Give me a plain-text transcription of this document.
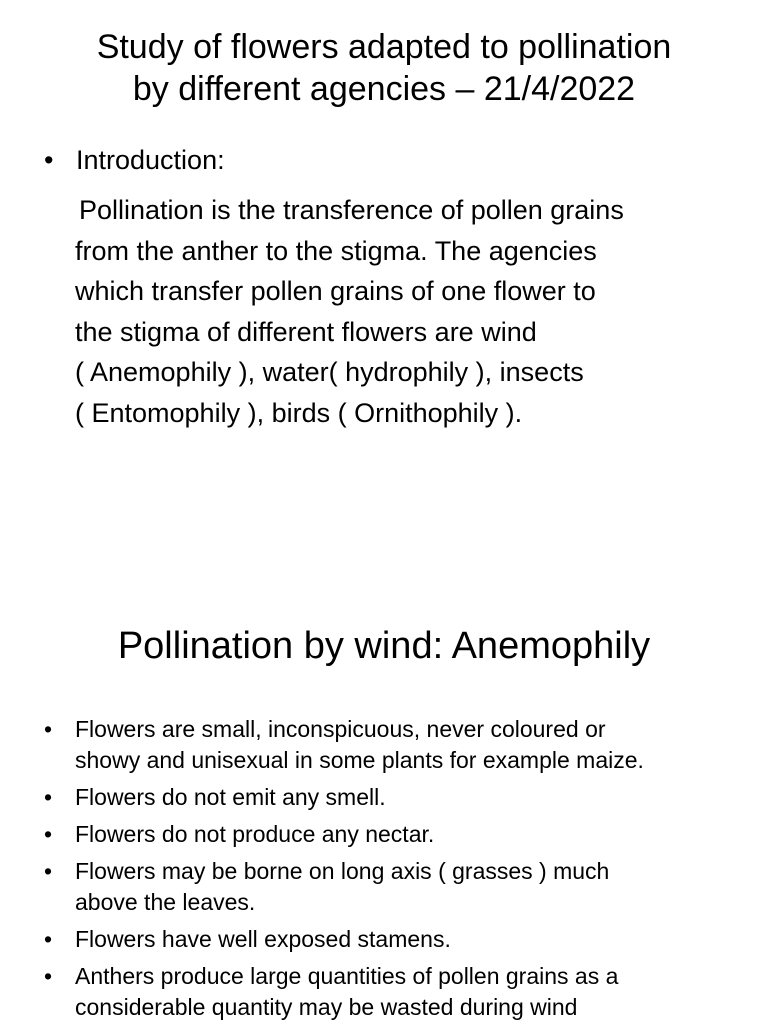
Study of flowers adapted to pollination
by different agencies – 21/4/2022
• Introduction:

Pollination is the transference of pollen grains
from the anther to the stigma. The agencies
which transfer pollen grains of one flower to
the stigma of different flowers are wind
( Anemophily ), water( hydrophily ), insects
( Entomophily ), birds ( Ornithophily ).

Pollination by wind: Anemophily
• Flowers are small, inconspicuous, never coloured or
showy and unisexual in some plants for example maize.
• Flowers do not emit any smell.
• Flowers do not produce any nectar.
• Flowers may be borne on long axis ( grasses ) much
above the leaves.
• Flowers have well exposed stamens.
• Anthers produce large quantities of pollen grains as a
considerable quantity may be wasted during wind
